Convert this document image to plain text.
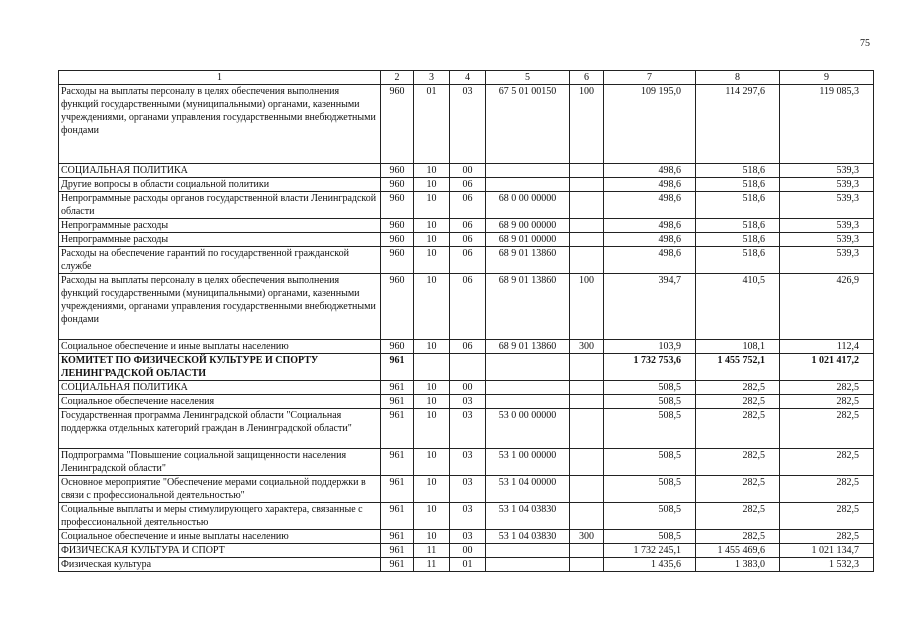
75
1	2	3	4	5	6	7	8	9
Расходы на выплаты персоналу в целях обеспечения выполнения функций государственными (муниципальными) органами, казенными учреждениями, органами управления государственными внебюджетными фондами	960	01	03	67 5 01 00150	100	109 195,0	114 297,6	119 085,3
СОЦИАЛЬНАЯ ПОЛИТИКА	960	10	00			498,6	518,6	539,3
Другие вопросы в области социальной политики	960	10	06			498,6	518,6	539,3
Непрограммные расходы органов государственной власти Ленинградской области	960	10	06	68 0 00 00000		498,6	518,6	539,3
Непрограммные расходы	960	10	06	68 9 00 00000		498,6	518,6	539,3
Непрограммные расходы	960	10	06	68 9 01 00000		498,6	518,6	539,3
Расходы на обеспечение гарантий по государственной гражданской службе	960	10	06	68 9 01 13860		498,6	518,6	539,3
Расходы на выплаты персоналу в целях обеспечения выполнения функций государственными (муниципальными) органами, казенными учреждениями, органами управления государственными внебюджетными фондами	960	10	06	68 9 01 13860	100	394,7	410,5	426,9
Социальное обеспечение и иные выплаты населению	960	10	06	68 9 01 13860	300	103,9	108,1	112,4
КОМИТЕТ ПО ФИЗИЧЕСКОЙ КУЛЬТУРЕ И СПОРТУ ЛЕНИНГРАДСКОЙ ОБЛАСТИ	961					1 732 753,6	1 455 752,1	1 021 417,2
СОЦИАЛЬНАЯ ПОЛИТИКА	961	10	00			508,5	282,5	282,5
Социальное обеспечение населения	961	10	03			508,5	282,5	282,5
Государственная программа Ленинградской области "Социальная поддержка отдельных категорий граждан в Ленинградской области"	961	10	03	53 0 00 00000		508,5	282,5	282,5
Подпрограмма "Повышение социальной защищенности населения Ленинградской области"	961	10	03	53 1 00 00000		508,5	282,5	282,5
Основное мероприятие "Обеспечение мерами социальной поддержки в связи с профессиональной деятельностью"	961	10	03	53 1 04 00000		508,5	282,5	282,5
Социальные выплаты и меры стимулирующего характера, связанные с профессиональной деятельностью	961	10	03	53 1 04 03830		508,5	282,5	282,5
Социальное обеспечение и иные выплаты населению	961	10	03	53 1 04 03830	300	508,5	282,5	282,5
ФИЗИЧЕСКАЯ КУЛЬТУРА И СПОРТ	961	11	00			1 732 245,1	1 455 469,6	1 021 134,7
Физическая культура	961	11	01			1 435,6	1 383,0	1 532,3
